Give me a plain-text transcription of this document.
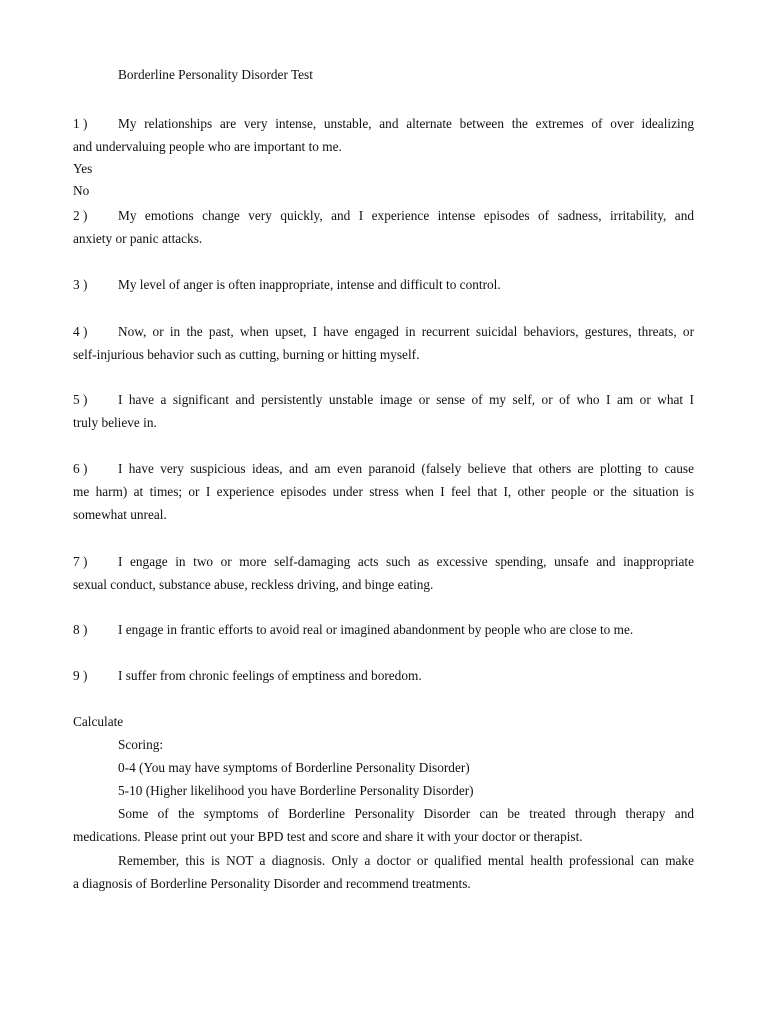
Borderline Personality Disorder Test
1 )	My relationships are very intense, unstable, and alternate between the extremes of over idealizing
and undervaluing people who are important to me.
Yes
No
2 )	My emotions change very quickly, and I experience intense episodes of sadness, irritability, and
anxiety or panic attacks.
3 ) My level of anger is often inappropriate, intense and difficult to control.
4 )	Now, or in the past, when upset, I have engaged in recurrent suicidal behaviors, gestures, threats, or
self-injurious behavior such as cutting, burning or hitting myself.
5 )	I have a significant and persistently unstable image or sense of my self, or of who I am or what I
truly believe in.
6 )	I have very suspicious ideas, and am even paranoid (falsely believe that others are plotting to cause
me harm) at times; or I experience episodes under stress when I feel that I, other people or the situation is
somewhat unreal.
7 )	I engage in two or more self-damaging acts such as excessive spending, unsafe and inappropriate
sexual conduct, substance abuse, reckless driving, and binge eating.
8 ) I engage in frantic efforts to avoid real or imagined abandonment by people who are close to me.
9 ) I suffer from chronic feelings of emptiness and boredom.
Calculate
Scoring:
0-4 (You may have symptoms of Borderline Personality Disorder)
5-10 (Higher likelihood you have Borderline Personality Disorder)
Some of the symptoms of Borderline Personality Disorder can be treated through therapy and
medications. Please print out your BPD test and score and share it with your doctor or therapist.
Remember, this is NOT a diagnosis. Only a doctor or qualified mental health professional can make
a diagnosis of Borderline Personality Disorder and recommend treatments.
